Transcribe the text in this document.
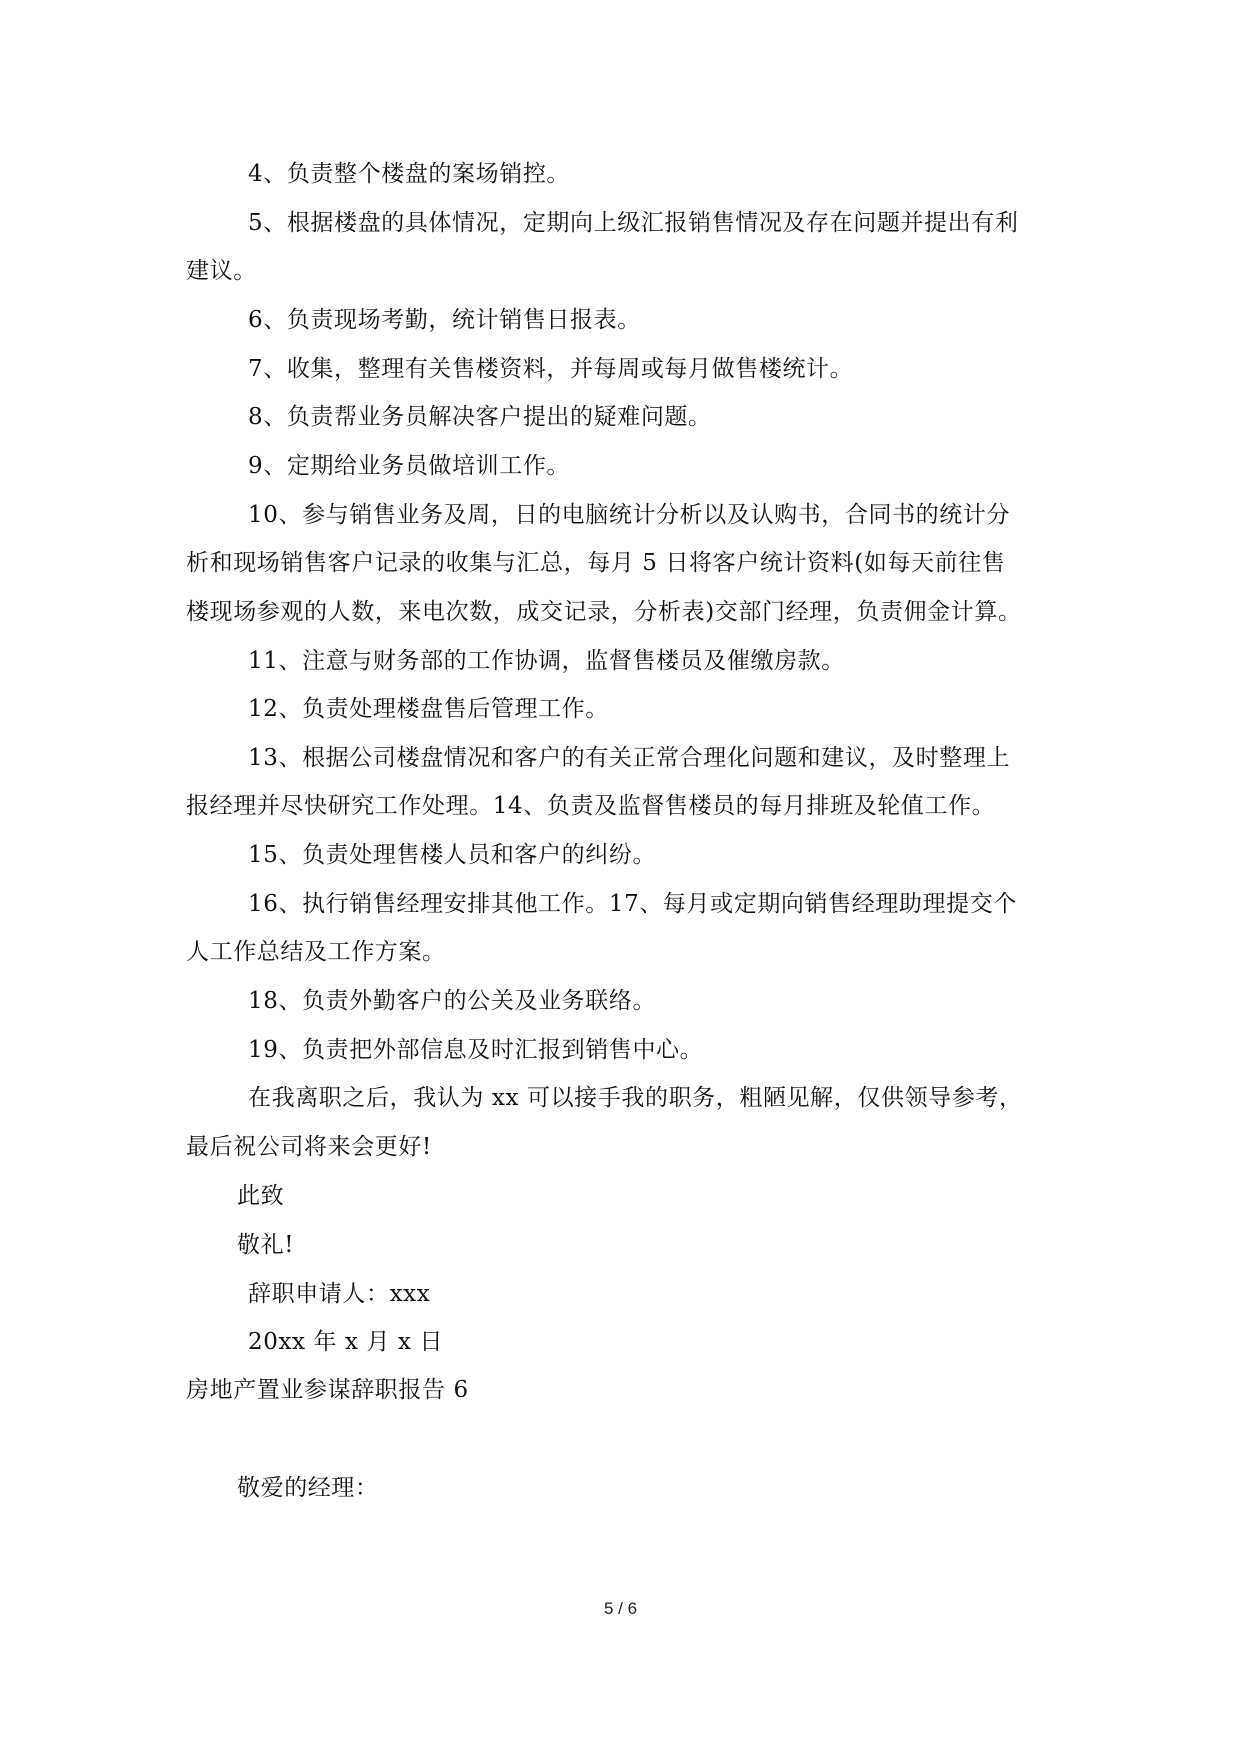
4、负责整个楼盘的案场销控。
5、根据楼盘的具体情况，定期向上级汇报销售情况及存在问题并提出有利
建议。
6、负责现场考勤，统计销售日报表。
7、收集，整理有关售楼资料，并每周或每月做售楼统计。
8、负责帮业务员解决客户提出的疑难问题。
9、定期给业务员做培训工作。
10、参与销售业务及周，日的电脑统计分析以及认购书，合同书的统计分
析和现场销售客户记录的收集与汇总，每月 5 日将客户统计资料(如每天前往售
楼现场参观的人数，来电次数，成交记录，分析表)交部门经理，负责佣金计算。
11、注意与财务部的工作协调，监督售楼员及催缴房款。
12、负责处理楼盘售后管理工作。
13、根据公司楼盘情况和客户的有关正常合理化问题和建议，及时整理上
报经理并尽快研究工作处理。14、负责及监督售楼员的每月排班及轮值工作。
15、负责处理售楼人员和客户的纠纷。
16、执行销售经理安排其他工作。17、每月或定期向销售经理助理提交个
人工作总结及工作方案。
18、负责外勤客户的公关及业务联络。
19、负责把外部信息及时汇报到销售中心。
在我离职之后，我认为 xx 可以接手我的职务，粗陋见解，仅供领导参考，
最后祝公司将来会更好!
此致
敬礼!
辞职申请人：xxx
20xx 年 x 月 x 日
房地产置业参谋辞职报告 6
敬爱的经理：
5 / 6
